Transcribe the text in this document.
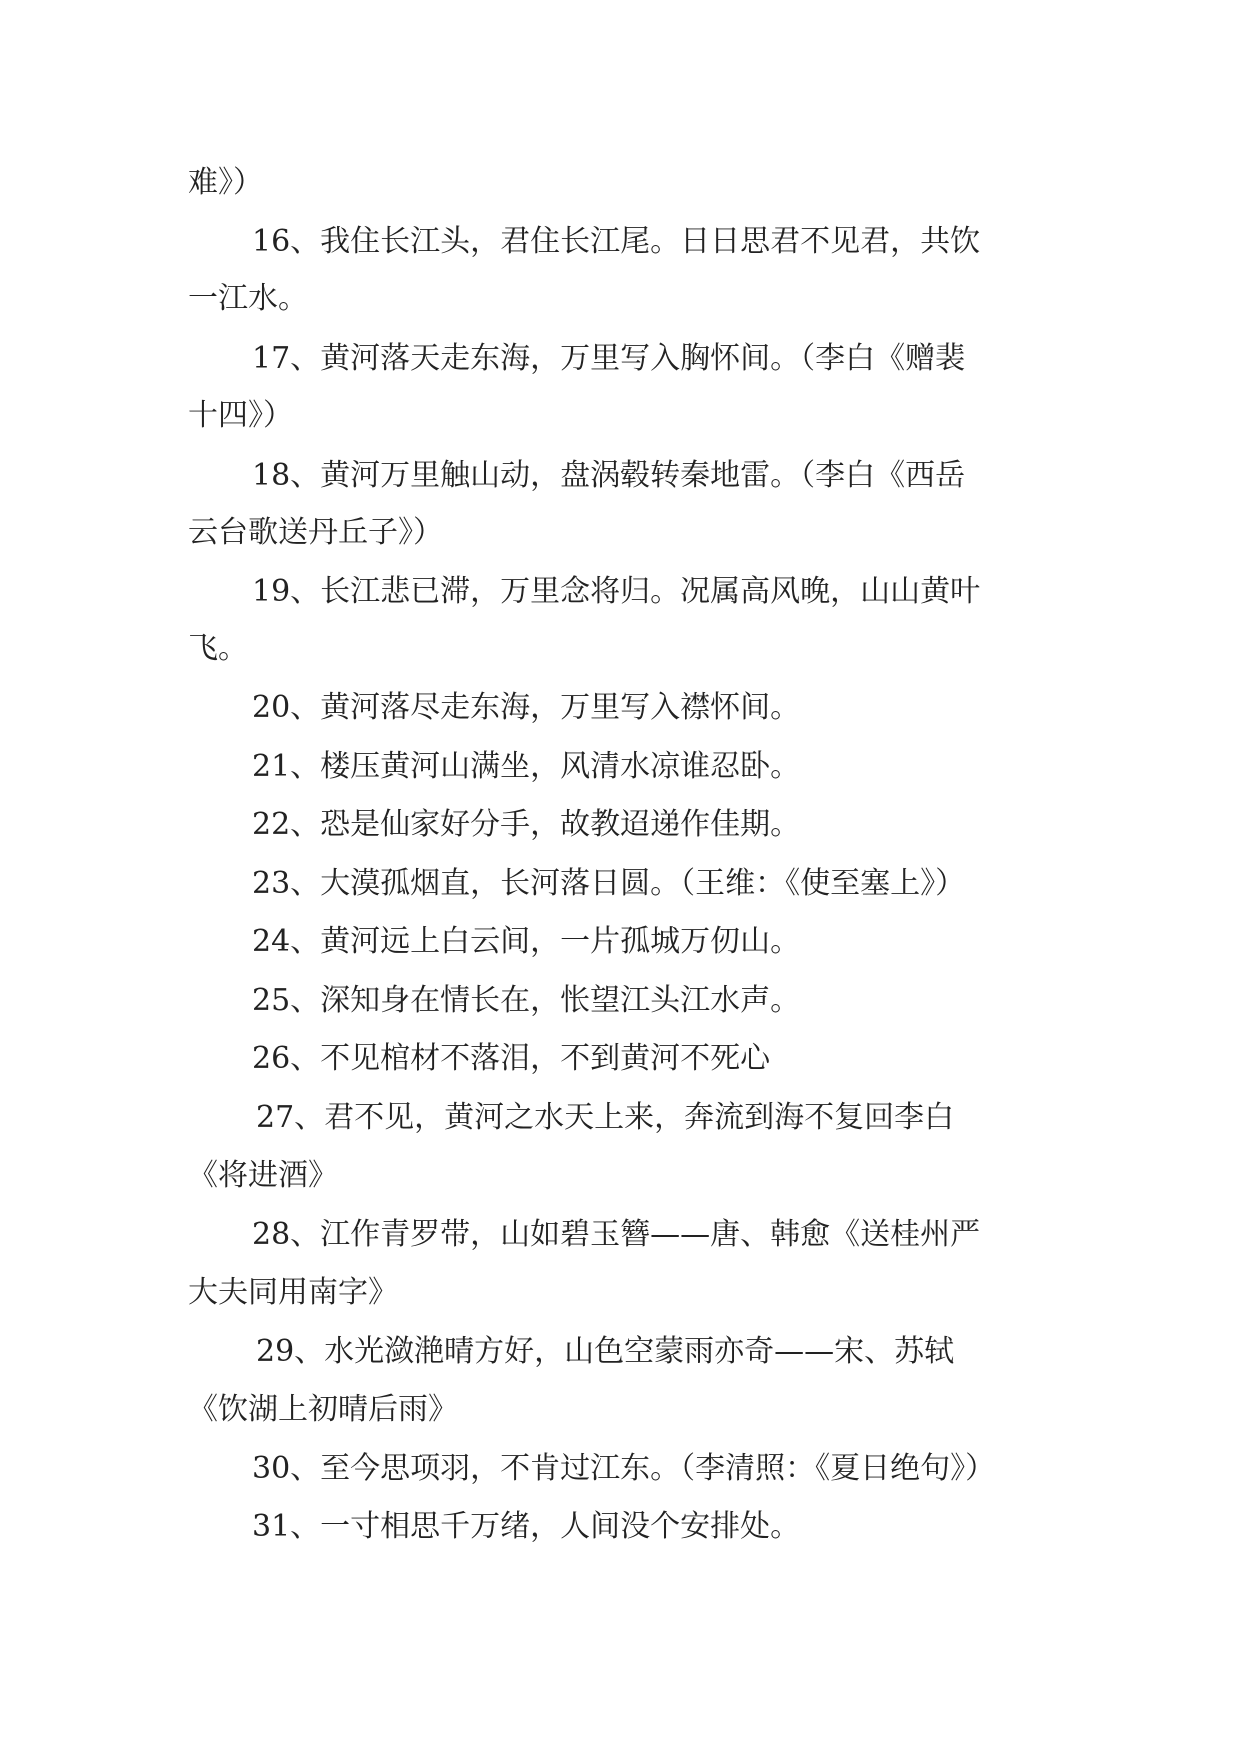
难》）

16、我住长江头，君住长江尾。日日思君不见君，共饮

一江水。

17、黄河落天走东海，万里写入胸怀间。（李白《赠裴

十四》）

18、黄河万里触山动，盘涡毂转秦地雷。（李白《西岳

云台歌送丹丘子》）

19、长江悲已滞，万里念将归。况属高风晚，山山黄叶

飞。

20、黄河落尽走东海，万里写入襟怀间。

21、楼压黄河山满坐，风清水凉谁忍卧。

22、恐是仙家好分手，故教迢递作佳期。

23、大漠孤烟直，长河落日圆。（王维：《使至塞上》）

24、黄河远上白云间，一片孤城万仞山。

25、深知身在情长在，怅望江头江水声。

26、不见棺材不落泪，不到黄河不死心

27、君不见，黄河之水天上来，奔流到海不复回李白

《将进酒》

28、江作青罗带，山如碧玉簪——唐、韩愈《送桂州严

大夫同用南字》

29、水光潋滟晴方好，山色空蒙雨亦奇——宋、苏轼

《饮湖上初晴后雨》

30、至今思项羽，不肯过江东。（李清照：《夏日绝句》）

31、一寸相思千万绪，人间没个安排处。
